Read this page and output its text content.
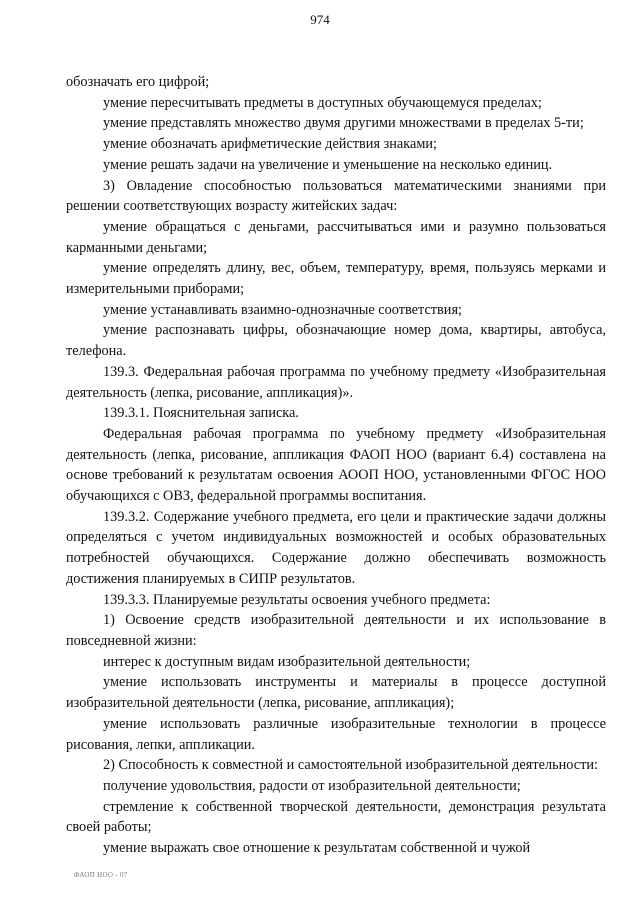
974

обозначать его цифрой;

умение пересчитывать предметы в доступных обучающемуся пределах;

умение представлять множество двумя другими множествами в пределах 5-ти;

умение обозначать арифметические действия знаками;

умение решать задачи на увеличение и уменьшение на несколько единиц.

3) Овладение способностью пользоваться математическими знаниями при решении соответствующих возрасту житейских задач:

умение обращаться с деньгами, рассчитываться ими и разумно пользоваться карманными деньгами;

умение определять длину, вес, объем, температуру, время, пользуясь мерками и измерительными приборами;

умение устанавливать взаимно-однозначные соответствия;

умение распознавать цифры, обозначающие номер дома, квартиры, автобуса, телефона.

139.3. Федеральная рабочая программа по учебному предмету «Изобразительная деятельность (лепка, рисование, аппликация)».

139.3.1. Пояснительная записка.

Федеральная рабочая программа по учебному предмету «Изобразительная деятельность (лепка, рисование, аппликация ФАОП НОО (вариант 6.4) составлена на основе требований к результатам освоения АООП НОО, установленными ФГОС НОО обучающихся с ОВЗ, федеральной программы воспитания.

139.3.2. Содержание учебного предмета, его цели и практические задачи должны определяться с учетом индивидуальных возможностей и особых образовательных потребностей обучающихся. Содержание должно обеспечивать возможность достижения планируемых в СИПР результатов.

139.3.3. Планируемые результаты освоения учебного предмета:

1) Освоение средств изобразительной деятельности и их использование в повседневной жизни:

интерес к доступным видам изобразительной деятельности;

умение использовать инструменты и материалы в процессе доступной изобразительной деятельности (лепка, рисование, аппликация);

умение использовать различные изобразительные технологии в процессе рисования, лепки, аппликации.

2) Способность к совместной и самостоятельной изобразительной деятельности:

получение удовольствия, радости от изобразительной деятельности;

стремление к собственной творческой деятельности, демонстрация результата своей работы;

умение выражать свое отношение к результатам собственной и чужой

ФАОП НОО - 07
